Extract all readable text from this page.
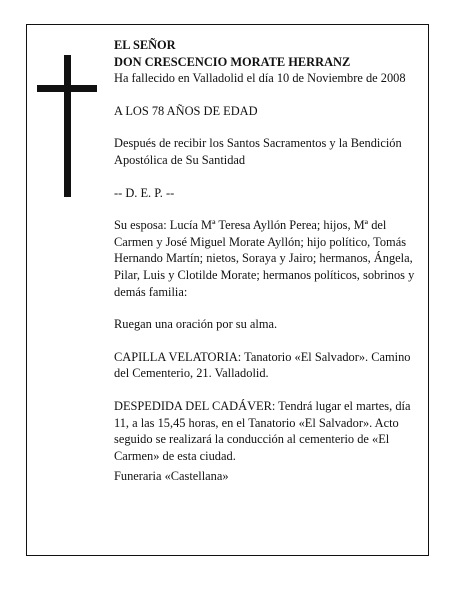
EL SEÑOR

DON CRESCENCIO MORATE HERRANZ

Ha fallecido en Valladolid el día 10 de Noviembre de 2008

A LOS 78 AÑOS DE EDAD

Después de recibir los Santos Sacramentos y la Bendición Apostólica de Su Santidad

-- D. E. P. --

Su esposa: Lucía Mª Teresa Ayllón Perea; hijos, Mª del Carmen y José Miguel Morate Ayllón; hijo político, Tomás Hernando Martín; nietos, Soraya y Jairo; hermanos, Ángela, Pilar, Luis y Clotilde Morate; hermanos políticos, sobrinos y demás familia:

Ruegan una oración por su alma.

CAPILLA VELATORIA: Tanatorio «El Salvador». Camino del Cementerio, 21. Valladolid.

DESPEDIDA DEL CADÁVER: Tendrá lugar el martes, día 11, a las 15,45 horas, en el Tanatorio «El Salvador». Acto seguido se realizará la conducción al cementerio de «El Carmen» de esta ciudad.

Funeraria «Castellana»
